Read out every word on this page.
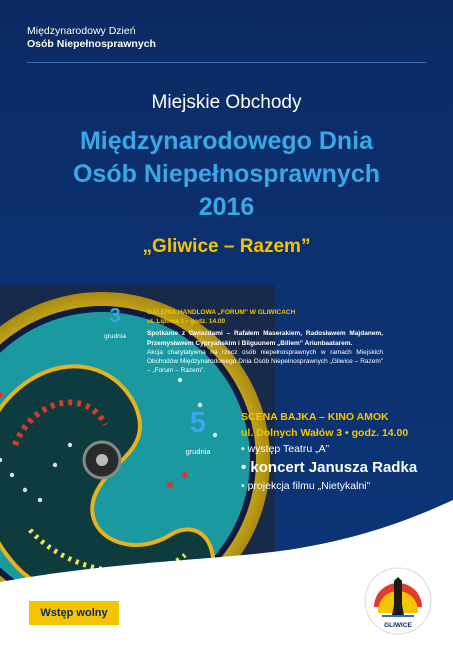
Międzynarodowy Dzień
Osób Niepełnosprawnych
Miejskie Obchody
Międzynarodowego Dnia
Osób Niepełnosprawnych
2016
„Gliwice – Razem”
3
grudnia
GALERIA HANDLOWA „FORUM” W GLIWICACH
ul. Lipowa 1 • godz. 14.00
Spotkanie z Gwiazdami – Rafałem Maserakiem, Radosławem Majdanem, Przemysławem Cypryańskim i Bilguunem „Billem” Ariunbaatarem.
Akcja charytatywna na rzecz osób niepełnosprawnych w ramach Miejskich Obchodów Międzynarodowego Dnia Osób Niepełnosprawnych „Gliwice – Razem” – „Forum – Razem”.
5
grudnia
SCENA BAJKA – KINO AMOK
ul. Dolnych Wałów 3 • godz. 14.00
• występ Teatru „A”
• koncert Janusza Radka
• projekcja filmu „Nietykalni”
Wstęp wolny
GLIWICE
